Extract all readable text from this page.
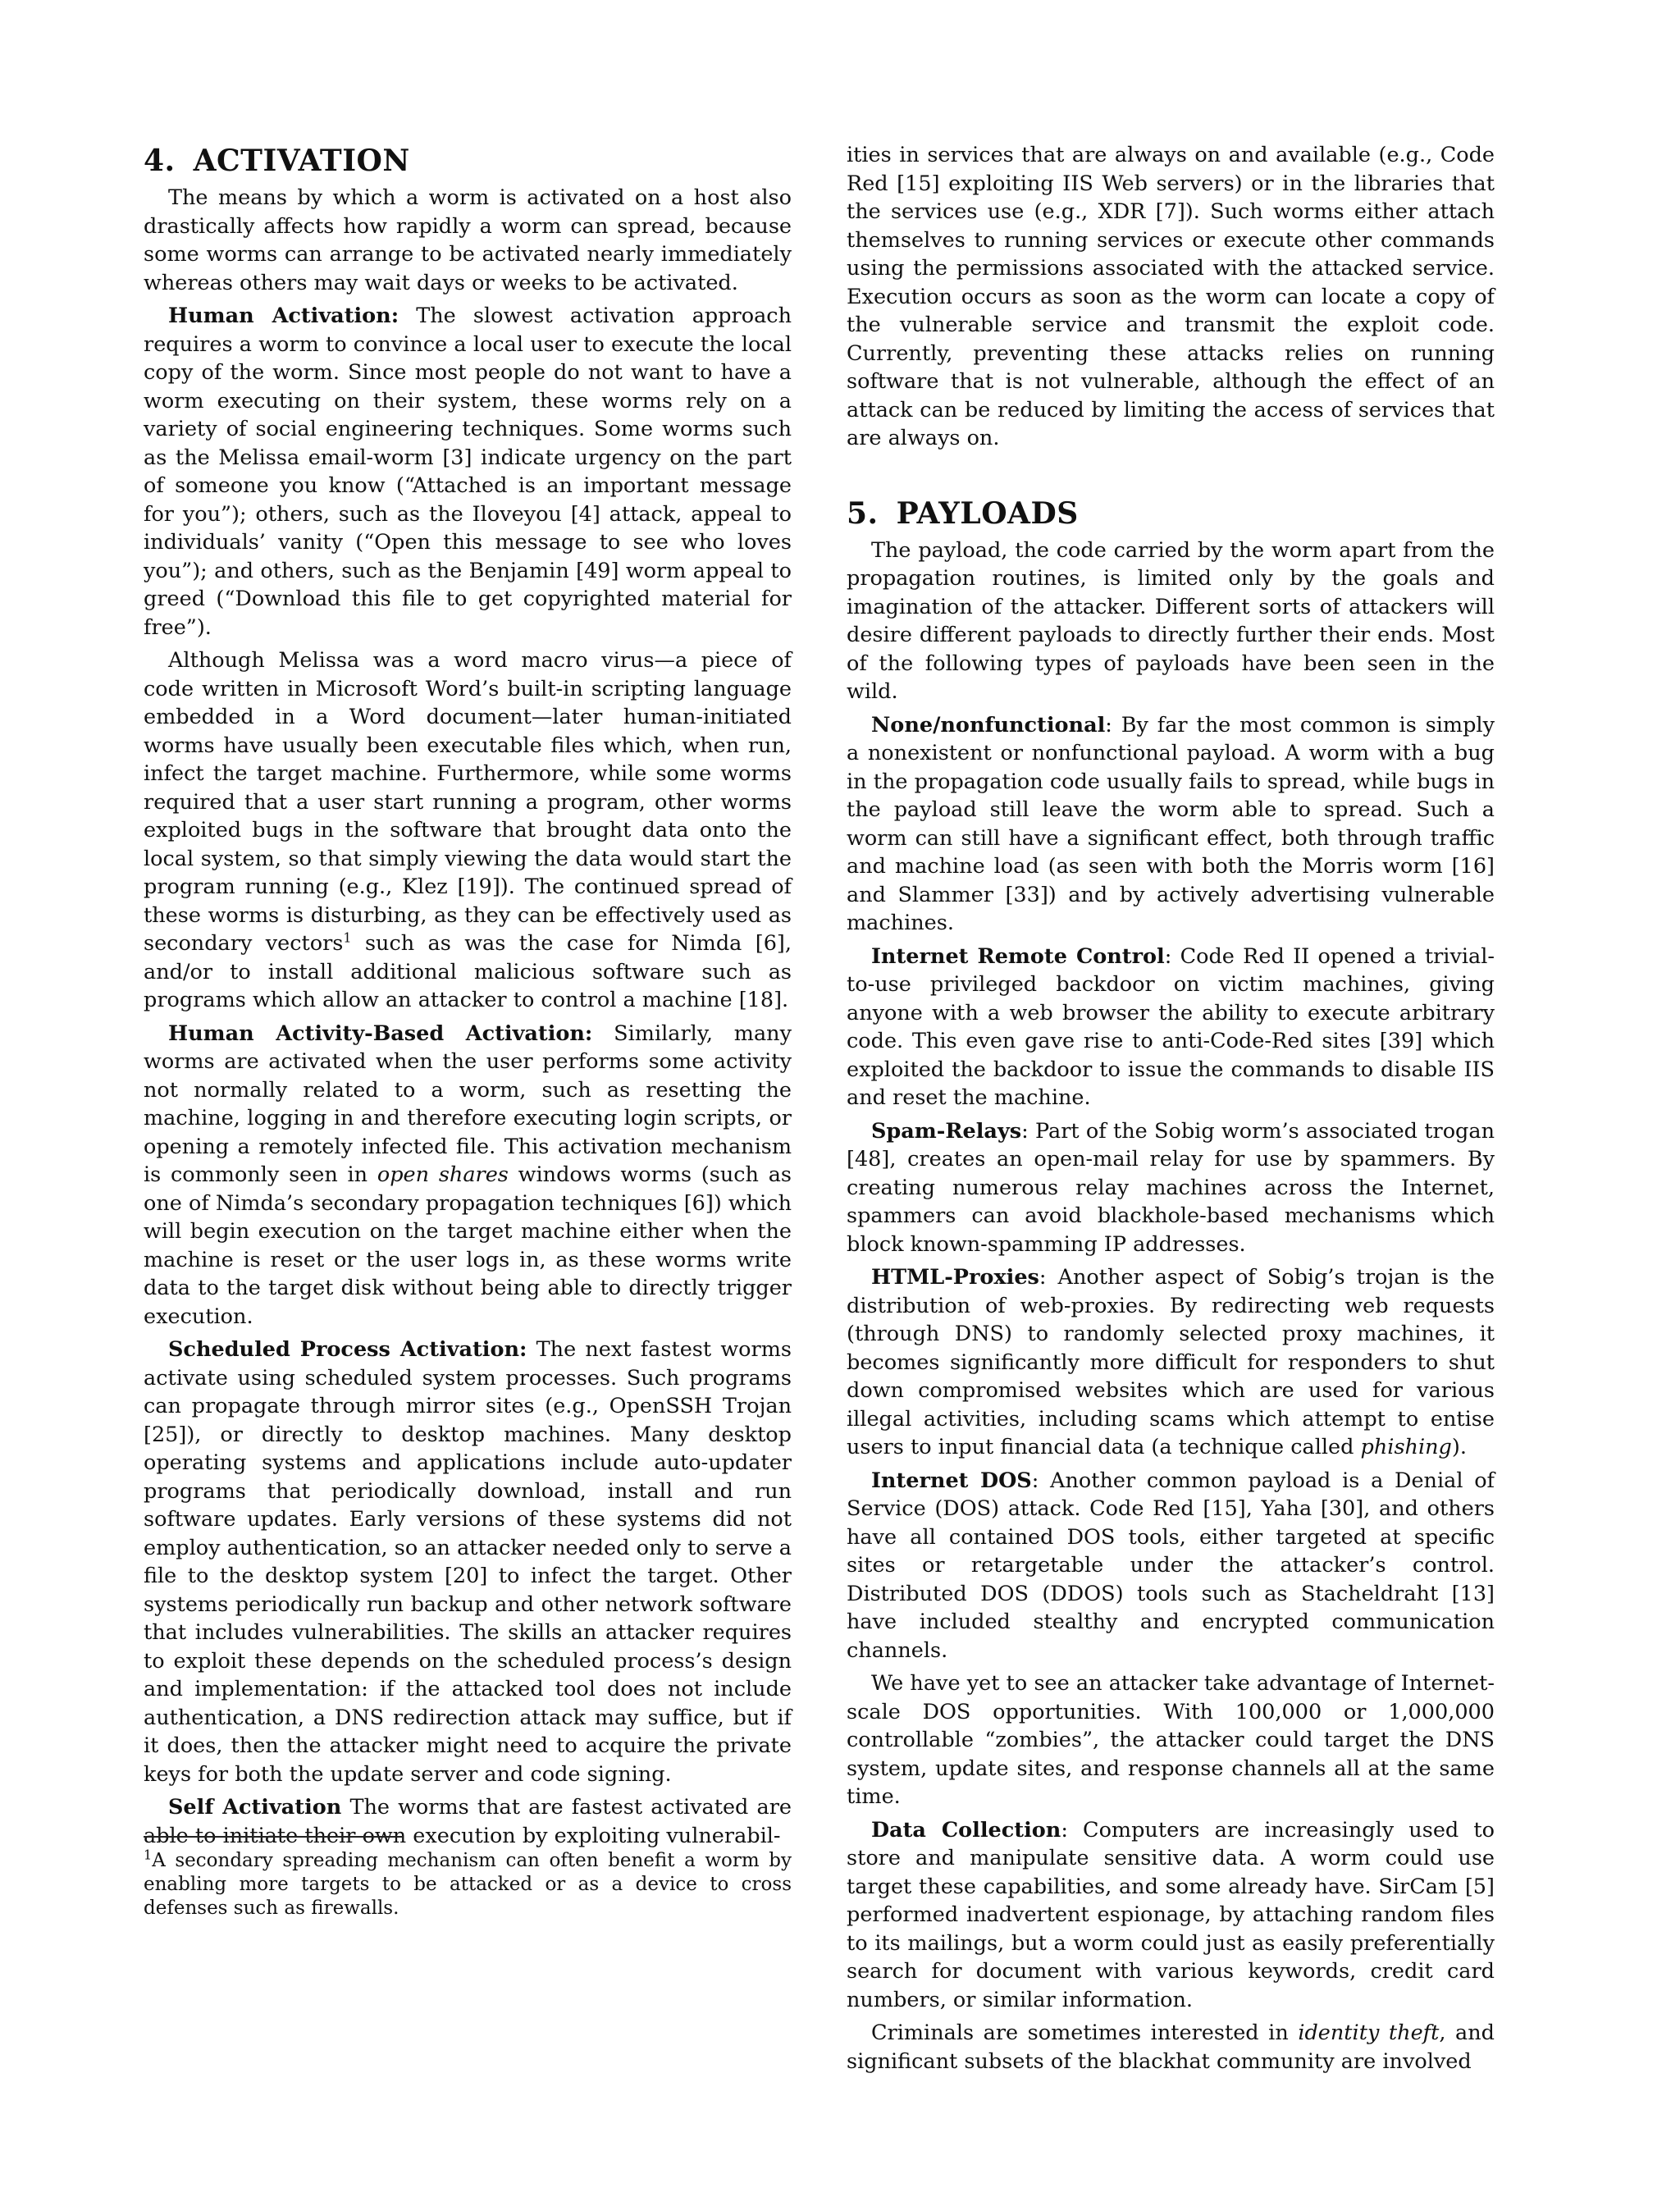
4. ACTIVATION

The means by which a worm is activated on a host also drastically affects how rapidly a worm can spread, because some worms can arrange to be activated nearly immediately whereas others may wait days or weeks to be activated.

Human Activation: The slowest activation approach requires a worm to convince a local user to execute the local copy of the worm. Since most people do not want to have a worm executing on their system, these worms rely on a variety of social engineering techniques. Some worms such as the Melissa email-worm [3] indicate urgency on the part of someone you know (“Attached is an important message for you”); others, such as the Iloveyou [4] attack, appeal to individuals’ vanity (“Open this message to see who loves you”); and others, such as the Benjamin [49] worm appeal to greed (“Download this file to get copyrighted material for free”).

Although Melissa was a word macro virus—a piece of code written in Microsoft Word’s built-in scripting language embedded in a Word document—later human-initiated worms have usually been executable files which, when run, infect the target machine. Furthermore, while some worms required that a user start running a program, other worms exploited bugs in the software that brought data onto the local system, so that simply viewing the data would start the program running (e.g., Klez [19]). The continued spread of these worms is disturbing, as they can be effectively used as secondary vectors$^1$ such as was the case for Nimda [6], and/or to install additional malicious software such as programs which allow an attacker to control a machine [18].

Human Activity-Based Activation: Similarly, many worms are activated when the user performs some activity not normally related to a worm, such as resetting the machine, logging in and therefore executing login scripts, or opening a remotely infected file. This activation mechanism is commonly seen in open shares windows worms (such as one of Nimda’s secondary propagation techniques [6]) which will begin execution on the target machine either when the machine is reset or the user logs in, as these worms write data to the target disk without being able to directly trigger execution.

Scheduled Process Activation: The next fastest worms activate using scheduled system processes. Such programs can propagate through mirror sites (e.g., OpenSSH Trojan [25]), or directly to desktop machines. Many desktop operating systems and applications include auto-updater programs that periodically download, install and run software updates. Early versions of these systems did not employ authentication, so an attacker needed only to serve a file to the desktop system [20] to infect the target. Other systems periodically run backup and other network software that includes vulnerabilities. The skills an attacker requires to exploit these depends on the scheduled process’s design and implementation: if the attacked tool does not include authentication, a DNS redirection attack may suffice, but if it does, then the attacker might need to acquire the private keys for both the update server and code signing.

Self Activation The worms that are fastest activated are able to initiate their own execution by exploiting vulnerabil-

$^1$A secondary spreading mechanism can often benefit a worm by enabling more targets to be attacked or as a device to cross defenses such as firewalls.

ities in services that are always on and available (e.g., Code Red [15] exploiting IIS Web servers) or in the libraries that the services use (e.g., XDR [7]). Such worms either attach themselves to running services or execute other commands using the permissions associated with the attacked service. Execution occurs as soon as the worm can locate a copy of the vulnerable service and transmit the exploit code. Currently, preventing these attacks relies on running software that is not vulnerable, although the effect of an attack can be reduced by limiting the access of services that are always on.

5. PAYLOADS

The payload, the code carried by the worm apart from the propagation routines, is limited only by the goals and imagination of the attacker. Different sorts of attackers will desire different payloads to directly further their ends. Most of the following types of payloads have been seen in the wild.

None/nonfunctional: By far the most common is simply a nonexistent or nonfunctional payload. A worm with a bug in the propagation code usually fails to spread, while bugs in the payload still leave the worm able to spread. Such a worm can still have a significant effect, both through traffic and machine load (as seen with both the Morris worm [16] and Slammer [33]) and by actively advertising vulnerable machines.

Internet Remote Control: Code Red II opened a trivial-to-use privileged backdoor on victim machines, giving anyone with a web browser the ability to execute arbitrary code. This even gave rise to anti-Code-Red sites [39] which exploited the backdoor to issue the commands to disable IIS and reset the machine.

Spam-Relays: Part of the Sobig worm’s associated trogan [48], creates an open-mail relay for use by spammers. By creating numerous relay machines across the Internet, spammers can avoid blackhole-based mechanisms which block known-spamming IP addresses.

HTML-Proxies: Another aspect of Sobig’s trojan is the distribution of web-proxies. By redirecting web requests (through DNS) to randomly selected proxy machines, it becomes significantly more difficult for responders to shut down compromised websites which are used for various illegal activities, including scams which attempt to entise users to input financial data (a technique called phishing).

Internet DOS: Another common payload is a Denial of Service (DOS) attack. Code Red [15], Yaha [30], and others have all contained DOS tools, either targeted at specific sites or retargetable under the attacker’s control. Distributed DOS (DDOS) tools such as Stacheldraht [13] have included stealthy and encrypted communication channels.

We have yet to see an attacker take advantage of Internet-scale DOS opportunities. With 100,000 or 1,000,000 controllable “zombies”, the attacker could target the DNS system, update sites, and response channels all at the same time.

Data Collection: Computers are increasingly used to store and manipulate sensitive data. A worm could use target these capabilities, and some already have. SirCam [5] performed inadvertent espionage, by attaching random files to its mailings, but a worm could just as easily preferentially search for document with various keywords, credit card numbers, or similar information.

Criminals are sometimes interested in identity theft, and significant subsets of the blackhat community are involved
